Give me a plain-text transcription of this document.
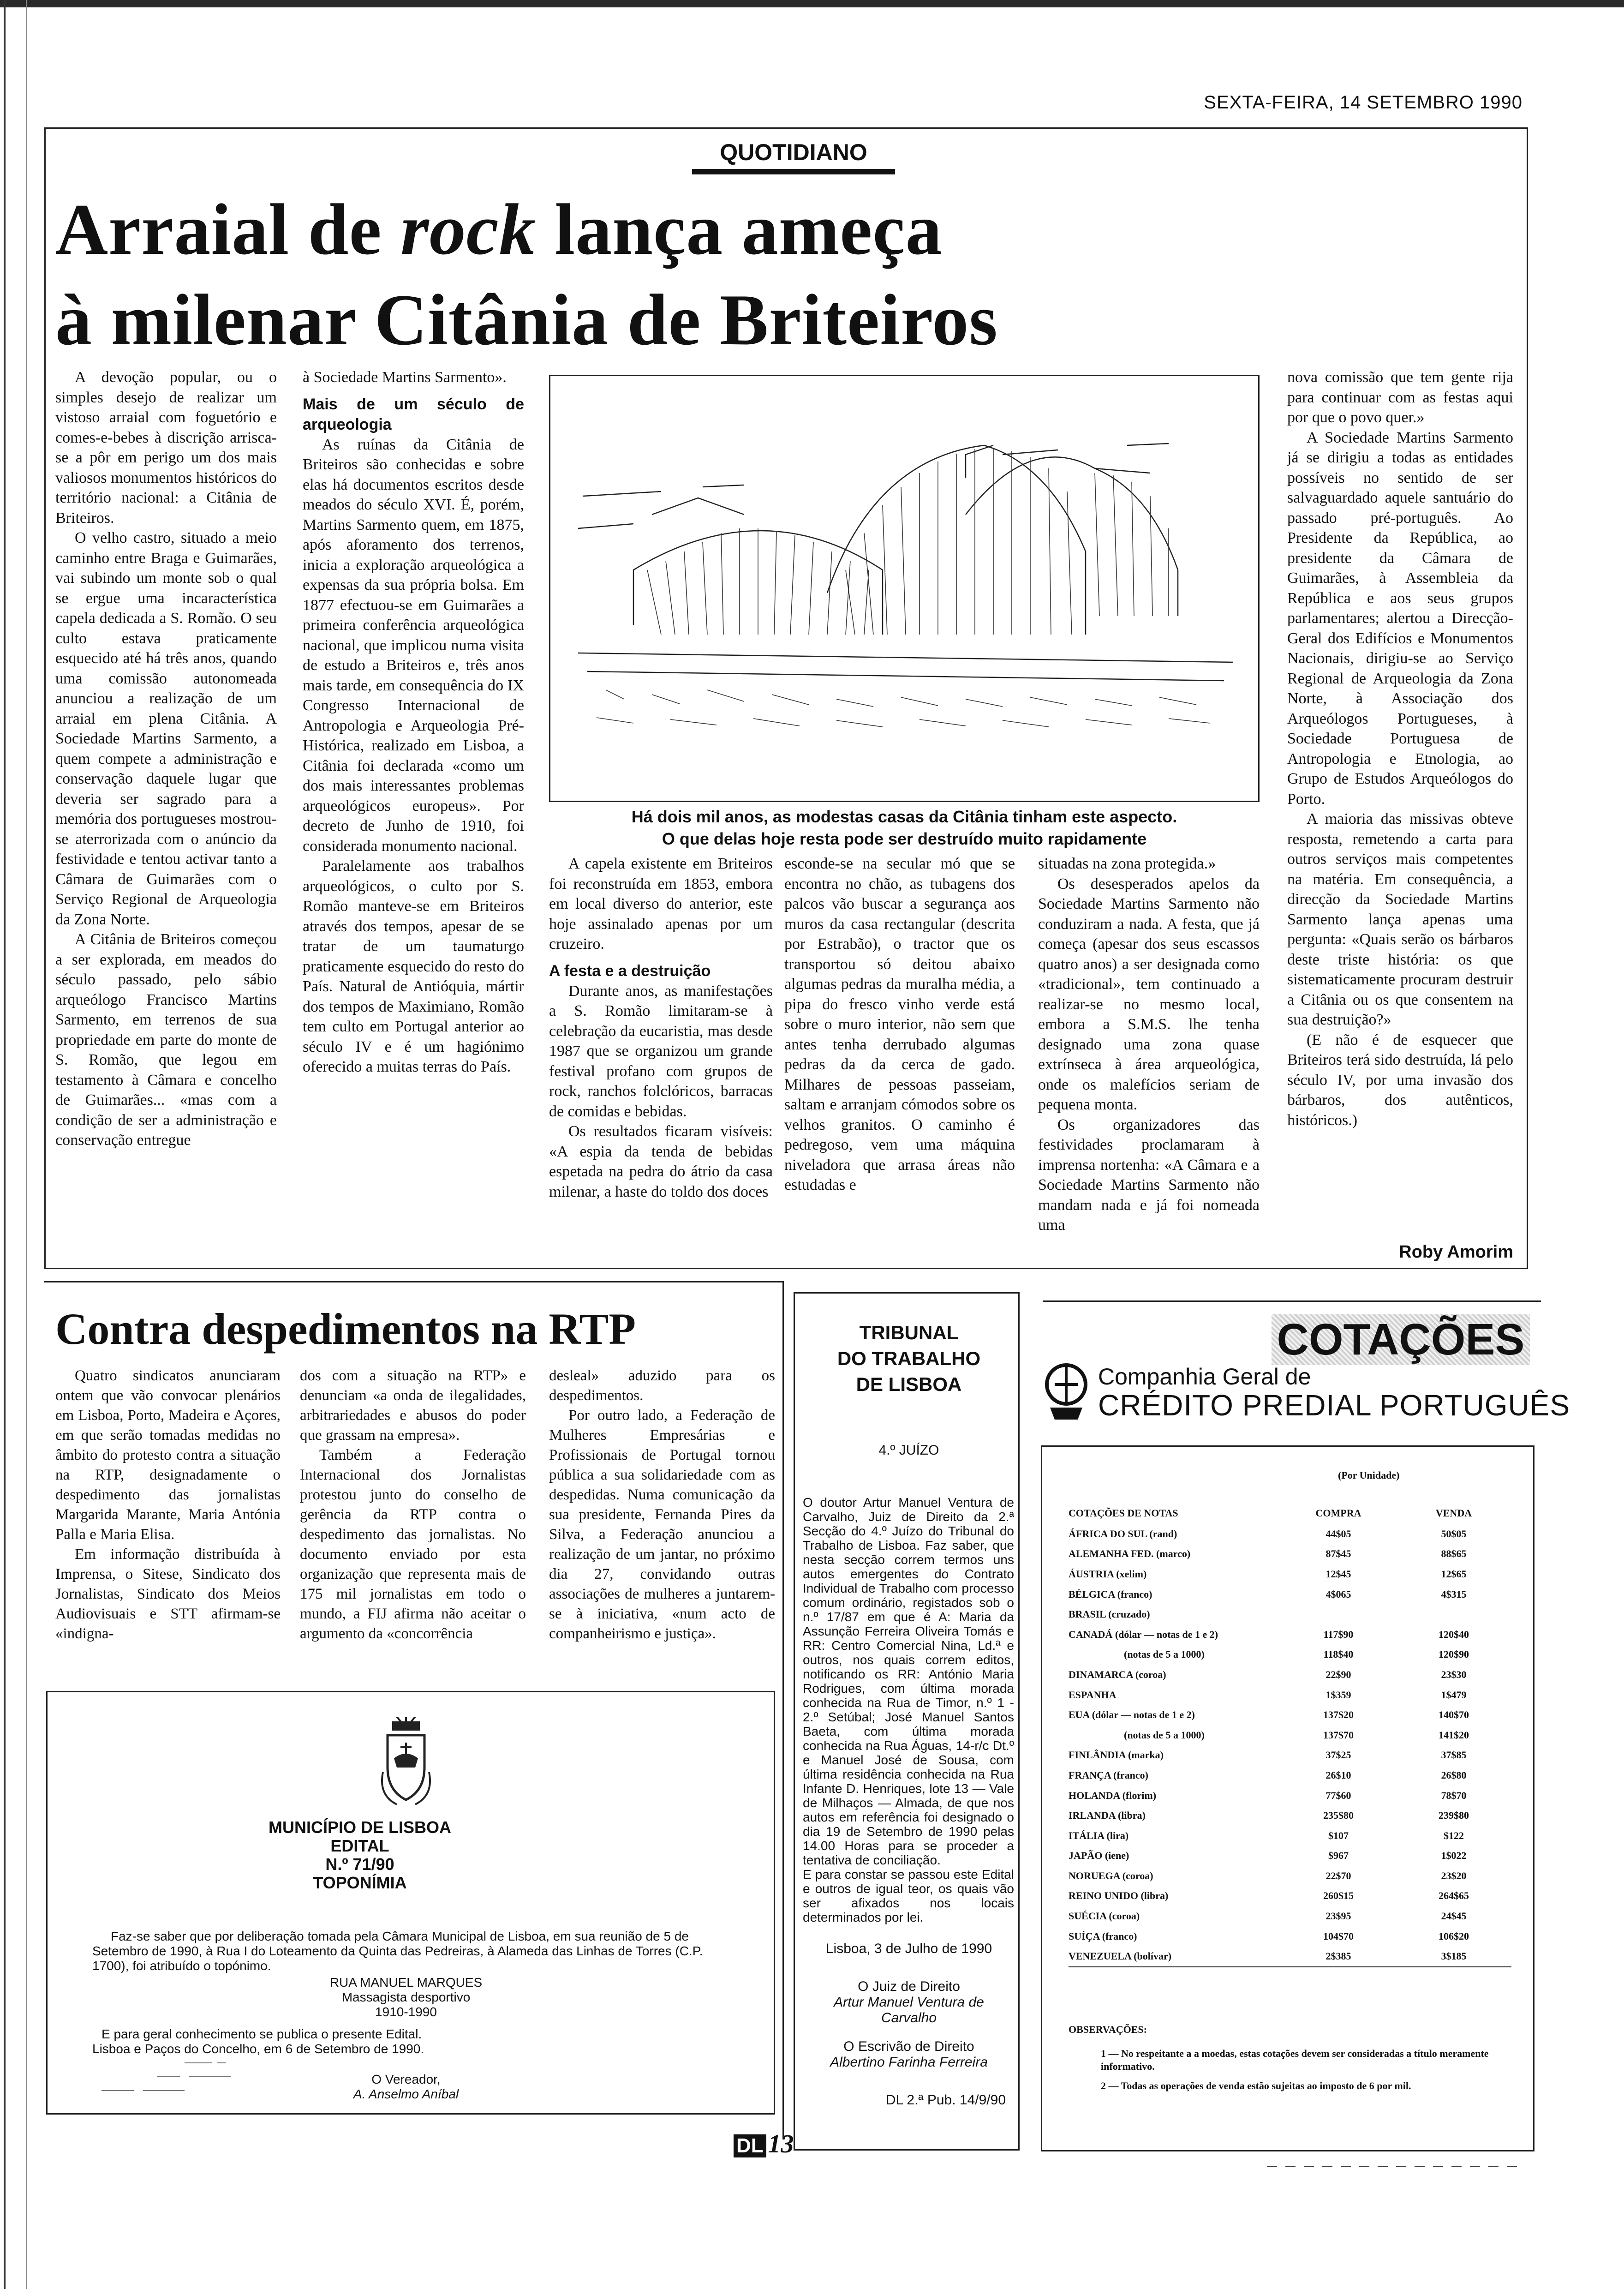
SEXTA-FEIRA, 14 SETEMBRO 1990
QUOTIDIANO
Arraial de rock lança ameça
à milenar Citânia de Briteiros

A devoção popular, ou o simples desejo de realizar um vistoso arraial com foguetório e comes-e-bebes à discrição arrisca-se a pôr em perigo um dos mais valiosos monumentos históricos do território nacional: a Citânia de Briteiros.

O velho castro, situado a meio caminho entre Braga e Guimarães, vai subindo um monte sob o qual se ergue uma incaracterística capela dedicada a S. Romão. O seu culto estava praticamente esquecido até há três anos, quando uma comissão autonomeada anunciou a realização de um arraial em plena Citânia. A Sociedade Martins Sarmento, a quem compete a administração e conservação daquele lugar que deveria ser sagrado para a memória dos portugueses mostrou-se aterrorizada com o anúncio da festividade e tentou activar tanto a Câmara de Guimarães com o Serviço Regional de Arqueologia da Zona Norte.

A Citânia de Briteiros começou a ser explorada, em meados do século passado, pelo sábio arqueólogo Francisco Martins Sarmento, em terrenos de sua propriedade em parte do monte de S. Romão, que legou em testamento à Câmara e concelho de Guimarães... «mas com a condição de ser a administração e conservação entregue

à Sociedade Martins Sarmento».

Mais de um século de arqueologia

As ruínas da Citânia de Briteiros são conhecidas e sobre elas há documentos escritos desde meados do século XVI. É, porém, Martins Sarmento quem, em 1875, após aforamento dos terrenos, inicia a exploração arqueológica a expensas da sua própria bolsa. Em 1877 efectuou-se em Guimarães a primeira conferência arqueológica nacional, que implicou numa visita de estudo a Briteiros e, três anos mais tarde, em consequência do IX Congresso Internacional de Antropologia e Arqueologia Pré-Histórica, realizado em Lisboa, a Citânia foi declarada «como um dos mais interessantes problemas arqueológicos europeus». Por decreto de Junho de 1910, foi considerada monumento nacional.

Paralelamente aos trabalhos arqueológicos, o culto por S. Romão manteve-se em Briteiros através dos tempos, apesar de se tratar de um taumaturgo praticamente esquecido do resto do País. Natural de Antióquia, mártir dos tempos de Maximiano, Romão tem culto em Portugal anterior ao século IV e é um hagiónimo oferecido a muitas terras do País.

Há dois mil anos, as modestas casas da Citânia tinham este aspecto.
O que delas hoje resta pode ser destruído muito rapidamente

A capela existente em Briteiros foi reconstruída em 1853, embora em local diverso do anterior, este hoje assinalado apenas por um cruzeiro.

A festa e a destruição

Durante anos, as manifestações a S. Romão limitaram-se à celebração da eucaristia, mas desde 1987 que se organizou um grande festival profano com grupos de rock, ranchos folclóricos, barracas de comidas e bebidas.

Os resultados ficaram visíveis: «A espia da tenda de bebidas espetada na pedra do átrio da casa milenar, a haste do toldo dos doces

esconde-se na secular mó que se encontra no chão, as tubagens dos palcos vão buscar a segurança aos muros da casa rectangular (descrita por Estrabão), o tractor que os transportou só deitou abaixo algumas pedras da muralha média, a pipa do fresco vinho verde está sobre o muro interior, não sem que antes tenha derrubado algumas pedras da da cerca de gado. Milhares de pessoas passeiam, saltam e arranjam cómodos sobre os velhos granitos. O caminho é pedregoso, vem uma máquina niveladora que arrasa áreas não estudadas e

situadas na zona protegida.»

Os desesperados apelos da Sociedade Martins Sarmento não conduziram a nada. A festa, que já começa (apesar dos seus escassos quatro anos) a ser designada como «tradicional», tem continuado a realizar-se no mesmo local, embora a S.M.S. lhe tenha designado uma zona quase extrínseca à área arqueológica, onde os malefícios seriam de pequena monta.

Os organizadores das festividades proclamaram à imprensa nortenha: «A Câmara e a Sociedade Martins Sarmento não mandam nada e já foi nomeada uma

nova comissão que tem gente rija para continuar com as festas aqui por que o povo quer.»

A Sociedade Martins Sarmento já se dirigiu a todas as entidades possíveis no sentido de ser salvaguardado aquele santuário do passado pré-português. Ao Presidente da República, ao presidente da Câmara de Guimarães, à Assembleia da República e aos seus grupos parlamentares; alertou a Direcção-Geral dos Edifícios e Monumentos Nacionais, dirigiu-se ao Serviço Regional de Arqueologia da Zona Norte, à Associação dos Arqueólogos Portugueses, à Sociedade Portuguesa de Antropologia e Etnologia, ao Grupo de Estudos Arqueólogos do Porto.

A maioria das missivas obteve resposta, remetendo a carta para outros serviços mais competentes na matéria. Em consequência, a direcção da Sociedade Martins Sarmento lança apenas uma pergunta: «Quais serão os bárbaros deste triste história: os que sistematicamente procuram destruir a Citânia ou os que consentem na sua destruição?»

(E não é de esquecer que Briteiros terá sido destruída, lá pelo século IV, por uma invasão dos bárbaros, dos autênticos, históricos.)

Roby Amorim
Contra despedimentos na RTP

Quatro sindicatos anunciaram ontem que vão convocar plenários em Lisboa, Porto, Madeira e Açores, em que serão tomadas medidas no âmbito do protesto contra a situação na RTP, designadamente o despedimento das jornalistas Margarida Marante, Maria Antónia Palla e Maria Elisa.

Em informação distribuída à Imprensa, o Sitese, Sindicato dos Jornalistas, Sindicato dos Meios Audiovisuais e STT afirmam-se «indigna-

dos com a situação na RTP» e denunciam «a onda de ilegalidades, arbitrariedades e abusos do poder que grassam na empresa».

Também a Federação Internacional dos Jornalistas protestou junto do conselho de gerência da RTP contra o despedimento das jornalistas. No documento enviado por esta organização que representa mais de 175 mil jornalistas em todo o mundo, a FIJ afirma não aceitar o argumento da «concorrência

desleal» aduzido para os despedimentos.

Por outro lado, a Federação de Mulheres Empresárias e Profissionais de Portugal tornou pública a sua solidariedade com as despedidas. Numa comunicação da sua presidente, Fernanda Pires da Silva, a Federação anunciou a realização de um jantar, no próximo dia 27, convidando outras associações de mulheres a juntarem-se à iniciativa, «num acto de companheirismo e justiça».

MUNICÍPIO DE LISBOA
EDITAL
N.º 71/90
TOPONÍMIA
Faz-se saber que por deliberação tomada pela Câmara Municipal de Lisboa, em sua reunião de 5 de Setembro de 1990, à Rua I do Loteamento da Quinta das Pedreiras, à Alameda das Linhas de Torres (C.P. 1700), foi atribuído o topónimo.
RUA MANUEL MARQUES
Massagista desportivo
1910-1990
E para geral conhecimento se publica o presente Edital.
Lisboa e Paços do Concelho, em 6 de Setembro de 1990.
O Vereador,
A. Anselmo Aníbal
TRIBUNAL
DO TRABALHO
DE LISBOA
4.º JUÍZO
O doutor Artur Manuel Ventura de Carvalho, Juiz de Direito da 2.ª Secção do 4.º Juízo do Tribunal do Trabalho de Lisboa. Faz saber, que nesta secção correm termos uns autos emergentes do Contrato Individual de Trabalho com processo comum ordinário, registados sob o n.º 17/87 em que é A: Maria da Assunção Ferreira Oliveira Tomás e RR: Centro Comercial Nina, Ld.ª e outros, nos quais correm editos, notificando os RR: António Maria Rodrigues, com última morada conhecida na Rua de Timor, n.º 1 - 2.º Setúbal; José Manuel Santos Baeta, com última morada conhecida na Rua Águas, 14-r/c Dt.º e Manuel José de Sousa, com última residência conhecida na Rua Infante D. Henriques, lote 13 — Vale de Milhaços — Almada, de que nos autos em referência foi designado o dia 19 de Setembro de 1990 pelas 14.00 Horas para se proceder a tentativa de conciliação.
E para constar se passou este Edital e outros de igual teor, os quais vão ser afixados nos locais determinados por lei.
Lisboa, 3 de Julho de 1990
O Juiz de Direito
Artur Manuel Ventura de Carvalho
O Escrivão de Direito
Albertino Farinha Ferreira
DL 2.ª Pub. 14/9/90
COTAÇÕES
Companhia Geral de
CRÉDITO PREDIAL PORTUGUÊS
(Por Unidade)
COTAÇÕES DE NOTAS	COMPRA	VENDA
ÁFRICA DO SUL (rand)	44$05	50$05
ALEMANHA FED. (marco)	87$45	88$65
ÁUSTRIA (xelim)	12$45	12$65
BÉLGICA (franco)	4$065	4$315
BRASIL (cruzado)		
CANADÁ (dólar — notas de 1 e 2)	117$90	120$40
(notas de 5 a 1000)	118$40	120$90
DINAMARCA (coroa)	22$90	23$30
ESPANHA	1$359	1$479
EUA (dólar — notas de 1 e 2)	137$20	140$70
(notas de 5 a 1000)	137$70	141$20
FINLÂNDIA (marka)	37$25	37$85
FRANÇA (franco)	26$10	26$80
HOLANDA (florim)	77$60	78$70
IRLANDA (libra)	235$80	239$80
ITÁLIA (lira)	$107	$122
JAPÃO (iene)	$967	1$022
NORUEGA (coroa)	22$70	23$20
REINO UNIDO (libra)	260$15	264$65
SUÉCIA (coroa)	23$95	24$45
SUÍÇA (franco)	104$70	106$20
VENEZUELA (bolívar)	2$385	3$185
OBSERVAÇÕES:
1 — No respeitante a a moedas, estas cotações devem ser consideradas a título meramente informativo.
2 — Todas as operações de venda estão sujeitas ao imposto de 6 por mil.
DL 13
